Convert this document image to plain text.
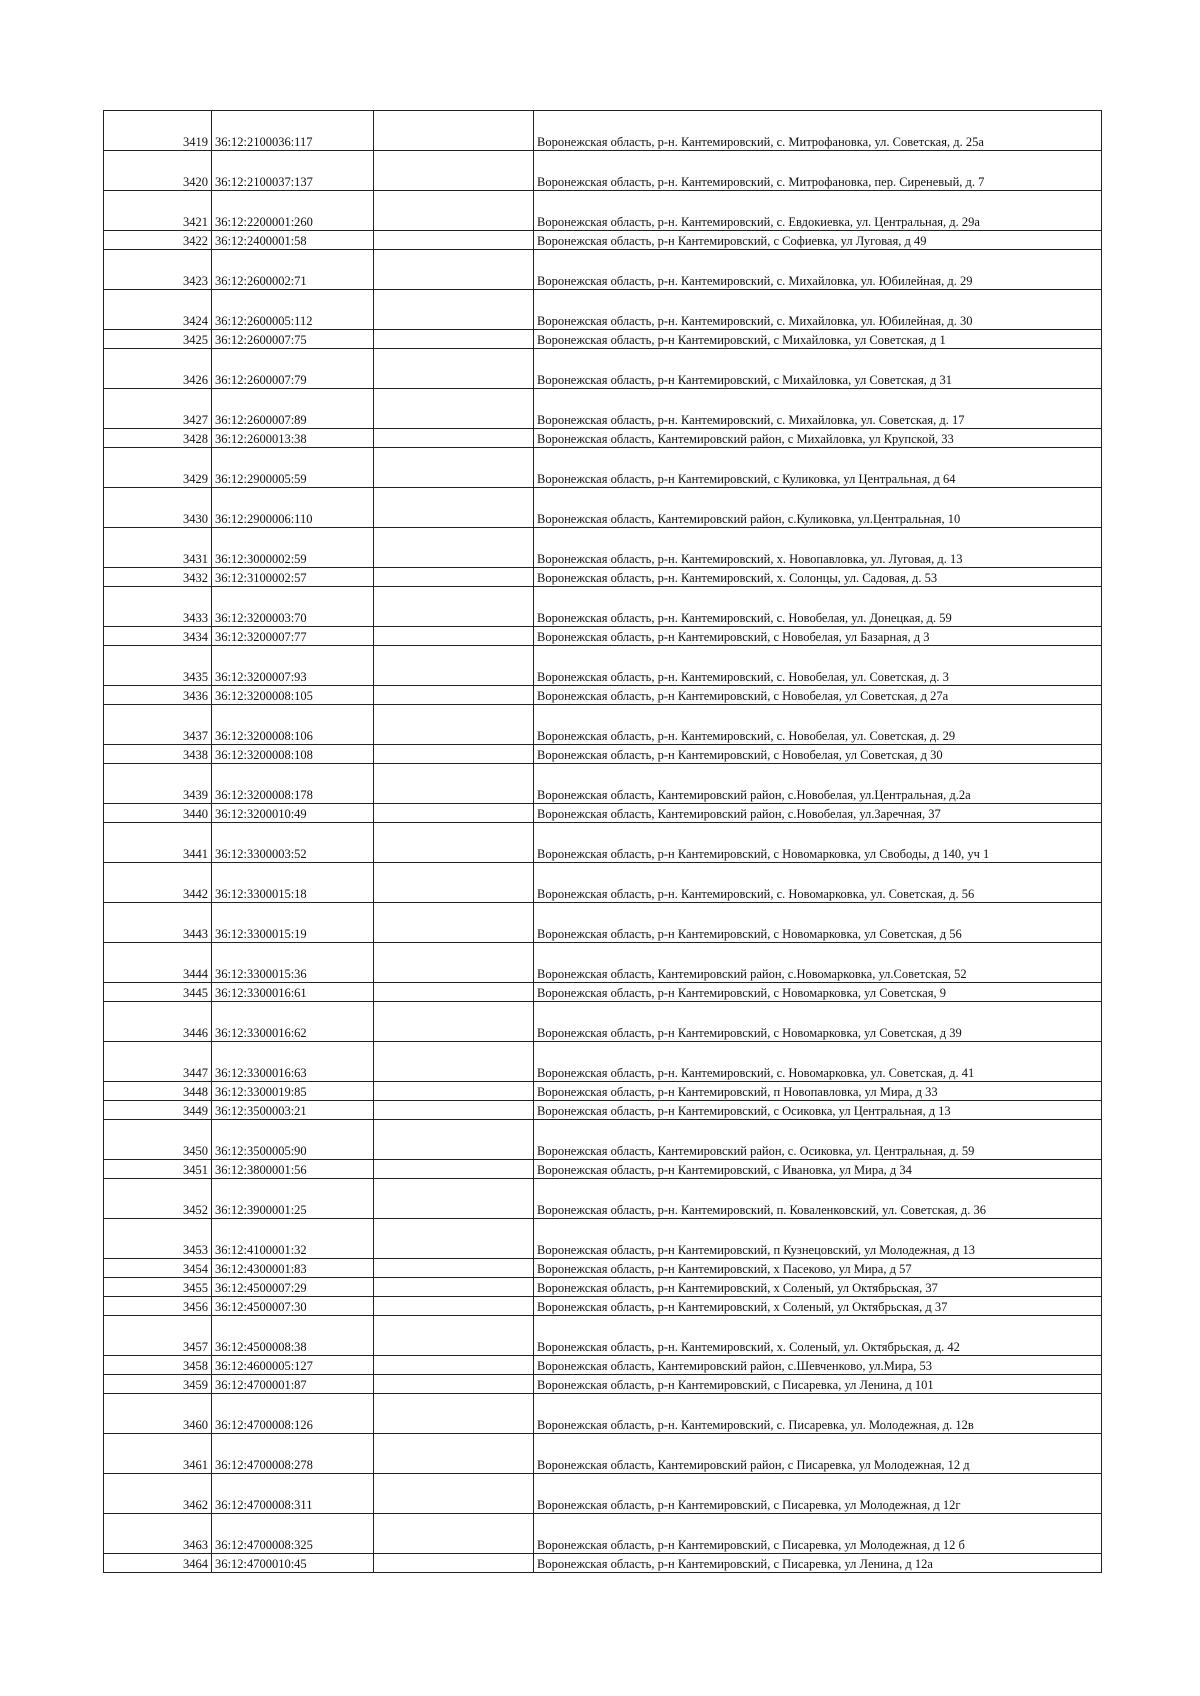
3419	36:12:2100036:117		Воронежская область, р-н. Кантемировский, с. Митрофановка, ул. Советская, д. 25а
3420	36:12:2100037:137		Воронежская область, р-н. Кантемировский, с. Митрофановка, пер. Сиреневый, д. 7
3421	36:12:2200001:260		Воронежская область, р-н. Кантемировский, с. Евдокиевка, ул. Центральная, д. 29а
3422	36:12:2400001:58		Воронежская область, р-н Кантемировский, с Софиевка, ул Луговая, д 49
3423	36:12:2600002:71		Воронежская область, р-н. Кантемировский, с. Михайловка, ул. Юбилейная, д. 29
3424	36:12:2600005:112		Воронежская область, р-н. Кантемировский, с. Михайловка, ул. Юбилейная, д. 30
3425	36:12:2600007:75		Воронежская область, р-н Кантемировский, с Михайловка, ул Советская, д 1
3426	36:12:2600007:79		Воронежская область, р-н Кантемировский, с Михайловка, ул Советская, д 31
3427	36:12:2600007:89		Воронежская область, р-н. Кантемировский, с. Михайловка, ул. Советская, д. 17
3428	36:12:2600013:38		Воронежская область, Кантемировский район, с Михайловка, ул Крупской, 33
3429	36:12:2900005:59		Воронежская область, р-н Кантемировский, с Куликовка, ул Центральная, д 64
3430	36:12:2900006:110		Воронежская область, Кантемировский район, с.Куликовка, ул.Центральная, 10
3431	36:12:3000002:59		Воронежская область, р-н. Кантемировский, х. Новопавловка, ул. Луговая, д. 13
3432	36:12:3100002:57		Воронежская область, р-н. Кантемировский, х. Солонцы, ул. Садовая, д. 53
3433	36:12:3200003:70		Воронежская область, р-н. Кантемировский, с. Новобелая, ул. Донецкая, д. 59
3434	36:12:3200007:77		Воронежская область, р-н Кантемировский, с Новобелая, ул Базарная, д 3
3435	36:12:3200007:93		Воронежская область, р-н. Кантемировский, с. Новобелая, ул. Советская, д. 3
3436	36:12:3200008:105		Воронежская область, р-н Кантемировский, с Новобелая, ул Советская, д 27а
3437	36:12:3200008:106		Воронежская область, р-н. Кантемировский, с. Новобелая, ул. Советская, д. 29
3438	36:12:3200008:108		Воронежская область, р-н Кантемировский, с Новобелая, ул Советская, д 30
3439	36:12:3200008:178		Воронежская область, Кантемировский район, с.Новобелая, ул.Центральная, д.2а
3440	36:12:3200010:49		Воронежская область, Кантемировский район, с.Новобелая, ул.Заречная, 37
3441	36:12:3300003:52		Воронежская область, р-н Кантемировский, с Новомарковка, ул Свободы, д 140, уч 1
3442	36:12:3300015:18		Воронежская область, р-н. Кантемировский, с. Новомарковка, ул. Советская, д. 56
3443	36:12:3300015:19		Воронежская область, р-н Кантемировский, с Новомарковка, ул Советская, д 56
3444	36:12:3300015:36		Воронежская область, Кантемировский район, с.Новомарковка, ул.Советская, 52
3445	36:12:3300016:61		Воронежская область, р-н Кантемировский, с Новомарковка, ул Советская, 9
3446	36:12:3300016:62		Воронежская область, р-н Кантемировский, с Новомарковка, ул Советская, д 39
3447	36:12:3300016:63		Воронежская область, р-н. Кантемировский, с. Новомарковка, ул. Советская, д. 41
3448	36:12:3300019:85		Воронежская область, р-н Кантемировский, п Новопавловка, ул Мира, д 33
3449	36:12:3500003:21		Воронежская область, р-н Кантемировский, с Осиковка, ул Центральная, д 13
3450	36:12:3500005:90		Воронежская область, Кантемировский район, с. Осиковка, ул. Центральная, д. 59
3451	36:12:3800001:56		Воронежская область, р-н Кантемировский, с Ивановка, ул Мира, д 34
3452	36:12:3900001:25		Воронежская область, р-н. Кантемировский, п. Коваленковский, ул. Советская, д. 36
3453	36:12:4100001:32		Воронежская область, р-н Кантемировский, п Кузнецовский, ул Молодежная, д 13
3454	36:12:4300001:83		Воронежская область, р-н Кантемировский, х Пасеково, ул Мира, д 57
3455	36:12:4500007:29		Воронежская область, р-н Кантемировский, х Соленый, ул Октябрьская, 37
3456	36:12:4500007:30		Воронежская область, р-н Кантемировский, х Соленый, ул Октябрьская, д 37
3457	36:12:4500008:38		Воронежская область, р-н. Кантемировский, х. Соленый, ул. Октябрьская, д. 42
3458	36:12:4600005:127		Воронежская область, Кантемировский район, с.Шевченково, ул.Мира, 53
3459	36:12:4700001:87		Воронежская область, р-н Кантемировский, с Писаревка, ул Ленина, д 101
3460	36:12:4700008:126		Воронежская область, р-н. Кантемировский, с. Писаревка, ул. Молодежная, д. 12в
3461	36:12:4700008:278		Воронежская область, Кантемировский район, с Писаревка, ул Молодежная, 12 д
3462	36:12:4700008:311		Воронежская область, р-н Кантемировский, с Писаревка, ул Молодежная, д 12г
3463	36:12:4700008:325		Воронежская область, р-н Кантемировский, с Писаревка, ул Молодежная, д 12 б
3464	36:12:4700010:45		Воронежская область, р-н Кантемировский, с Писаревка, ул Ленина, д 12а
